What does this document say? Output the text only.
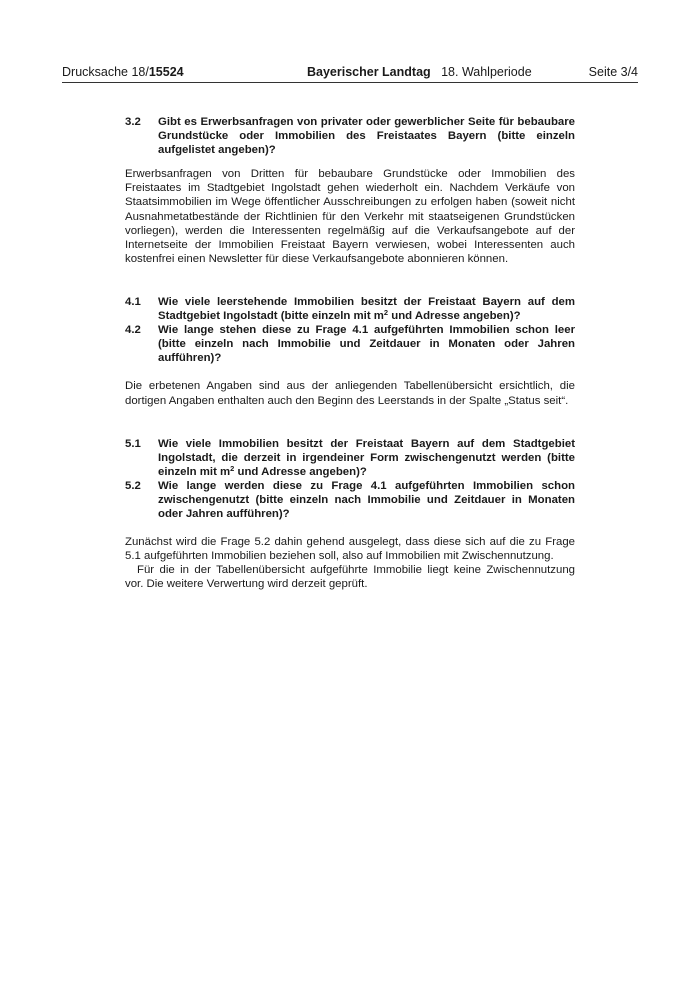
Drucksache 18/15524	Bayerischer Landtag 18. Wahlperiode	Seite 3/4
3.2	Gibt es Erwerbsanfragen von privater oder gewerblicher Seite für bebaubare Grundstücke oder Immobilien des Freistaates Bayern (bitte einzeln aufgelistet angeben)?

Erwerbsanfragen von Dritten für bebaubare Grundstücke oder Immobilien des Freistaates im Stadtgebiet Ingolstadt gehen wiederholt ein. Nachdem Verkäufe von Staatsimmobilien im Wege öffentlicher Ausschreibungen zu erfolgen haben (soweit nicht Ausnahmetatbestände der Richtlinien für den Verkehr mit staatseigenen Grundstücken vorliegen), werden die Interessenten regelmäßig auf die Verkaufsangebote auf der Internetseite der Immobilien Freistaat Bayern verwiesen, wobei Interessenten auch kostenfrei einen Newsletter für diese Verkaufsangebote abonnieren können.

4.1	Wie viele leerstehende Immobilien besitzt der Freistaat Bayern auf dem Stadtgebiet Ingolstadt (bitte einzeln mit $m^2$ und Adresse angeben)?
4.2	Wie lange stehen diese zu Frage 4.1 aufgeführten Immobilien schon leer (bitte einzeln nach Immobilie und Zeitdauer in Monaten oder Jahren aufführen)?

Die erbetenen Angaben sind aus der anliegenden Tabellenübersicht ersichtlich, die dortigen Angaben enthalten auch den Beginn des Leerstands in der Spalte „Status seit“.

5.1	Wie viele Immobilien besitzt der Freistaat Bayern auf dem Stadtgebiet Ingolstadt, die derzeit in irgendeiner Form zwischengenutzt werden (bitte einzeln mit $m^2$ und Adresse angeben)?
5.2	Wie lange werden diese zu Frage 4.1 aufgeführten Immobilien schon zwischengenutzt (bitte einzeln nach Immobilie und Zeitdauer in Monaten oder Jahren aufführen)?

Zunächst wird die Frage 5.2 dahin gehend ausgelegt, dass diese sich auf die zu Frage 5.1 aufgeführten Immobilien beziehen soll, also auf Immobilien mit Zwischennutzung.

Für die in der Tabellenübersicht aufgeführte Immobilie liegt keine Zwischennutzung vor. Die weitere Verwertung wird derzeit geprüft.
